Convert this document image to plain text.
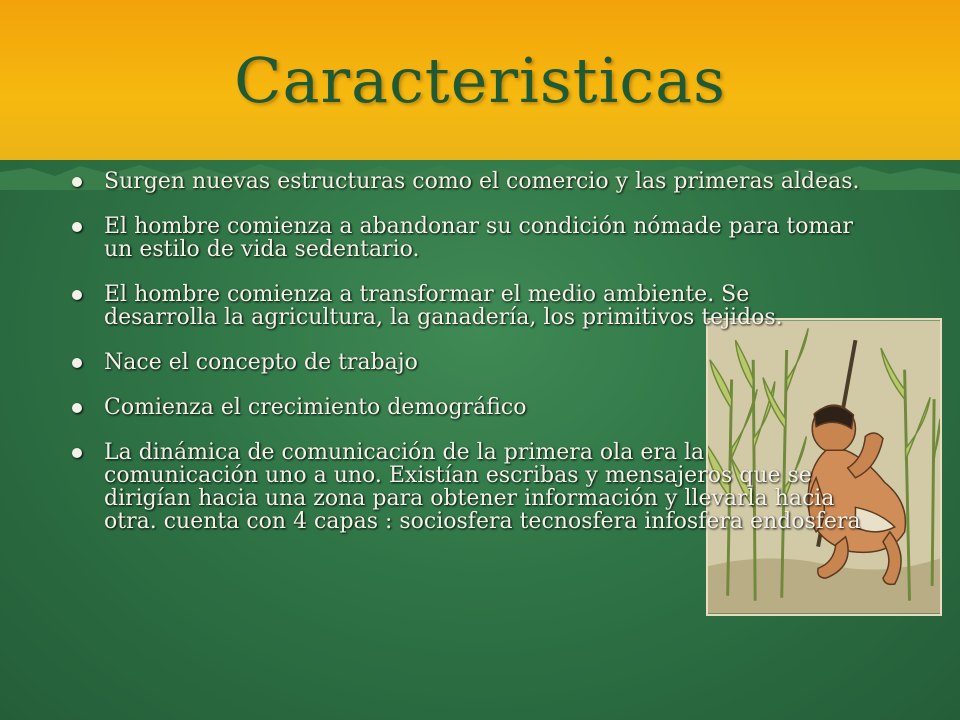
Caracteristicas
Surgen nuevas estructuras como el comercio y las primeras aldeas.
El hombre comienza a abandonar su condición nómade para tomar un estilo de vida sedentario.
El hombre comienza a transformar el medio ambiente. Se desarrolla la agricultura, la ganadería, los primitivos tejidos.
Nace el concepto de trabajo
Comienza el crecimiento demográfico
La dinámica de comunicación de la primera ola era la comunicación uno a uno. Existían escribas y mensajeros que se dirigían hacia una zona para obtener información y llevarla hacia otra. cuenta con 4 capas : sociosfera tecnosfera infosfera endosfera
